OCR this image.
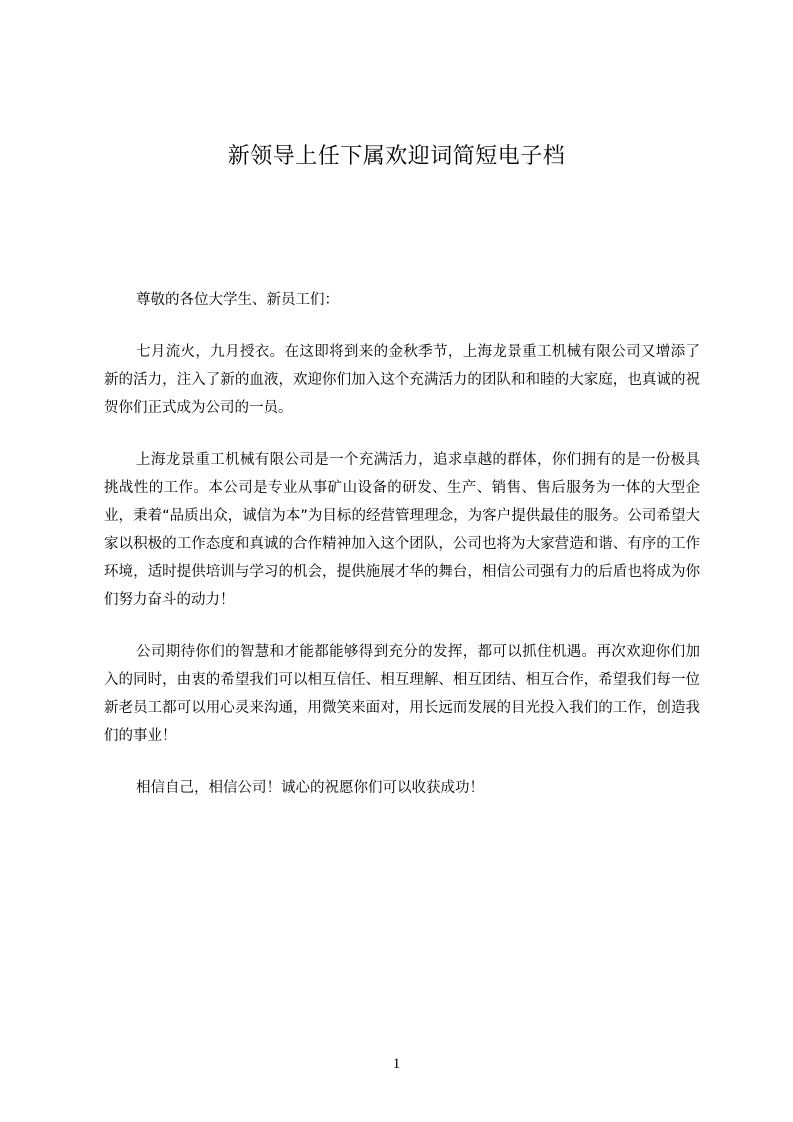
新领导上任下属欢迎词简短电子档

尊敬的各位大学生、新员工们：

七月流火，九月授衣。在这即将到来的金秋季节，上海龙景重工机械有限公司又增添了新的活力，注入了新的血液，欢迎你们加入这个充满活力的团队和和睦的大家庭，也真诚的祝贺你们正式成为公司的一员。

上海龙景重工机械有限公司是一个充满活力，追求卓越的群体，你们拥有的是一份极具挑战性的工作。本公司是专业从事矿山设备的研发、生产、销售、售后服务为一体的大型企业，秉着“品质出众，诚信为本”为目标的经营管理理念，为客户提供最佳的服务。公司希望大家以积极的工作态度和真诚的合作精神加入这个团队，公司也将为大家营造和谐、有序的工作环境，适时提供培训与学习的机会，提供施展才华的舞台，相信公司强有力的后盾也将成为你们努力奋斗的动力！

公司期待你们的智慧和才能都能够得到充分的发挥，都可以抓住机遇。再次欢迎你们加入的同时，由衷的希望我们可以相互信任、相互理解、相互团结、相互合作，希望我们每一位新老员工都可以用心灵来沟通，用微笑来面对，用长远而发展的目光投入我们的工作，创造我们的事业！

相信自己，相信公司！诚心的祝愿你们可以收获成功！

1
